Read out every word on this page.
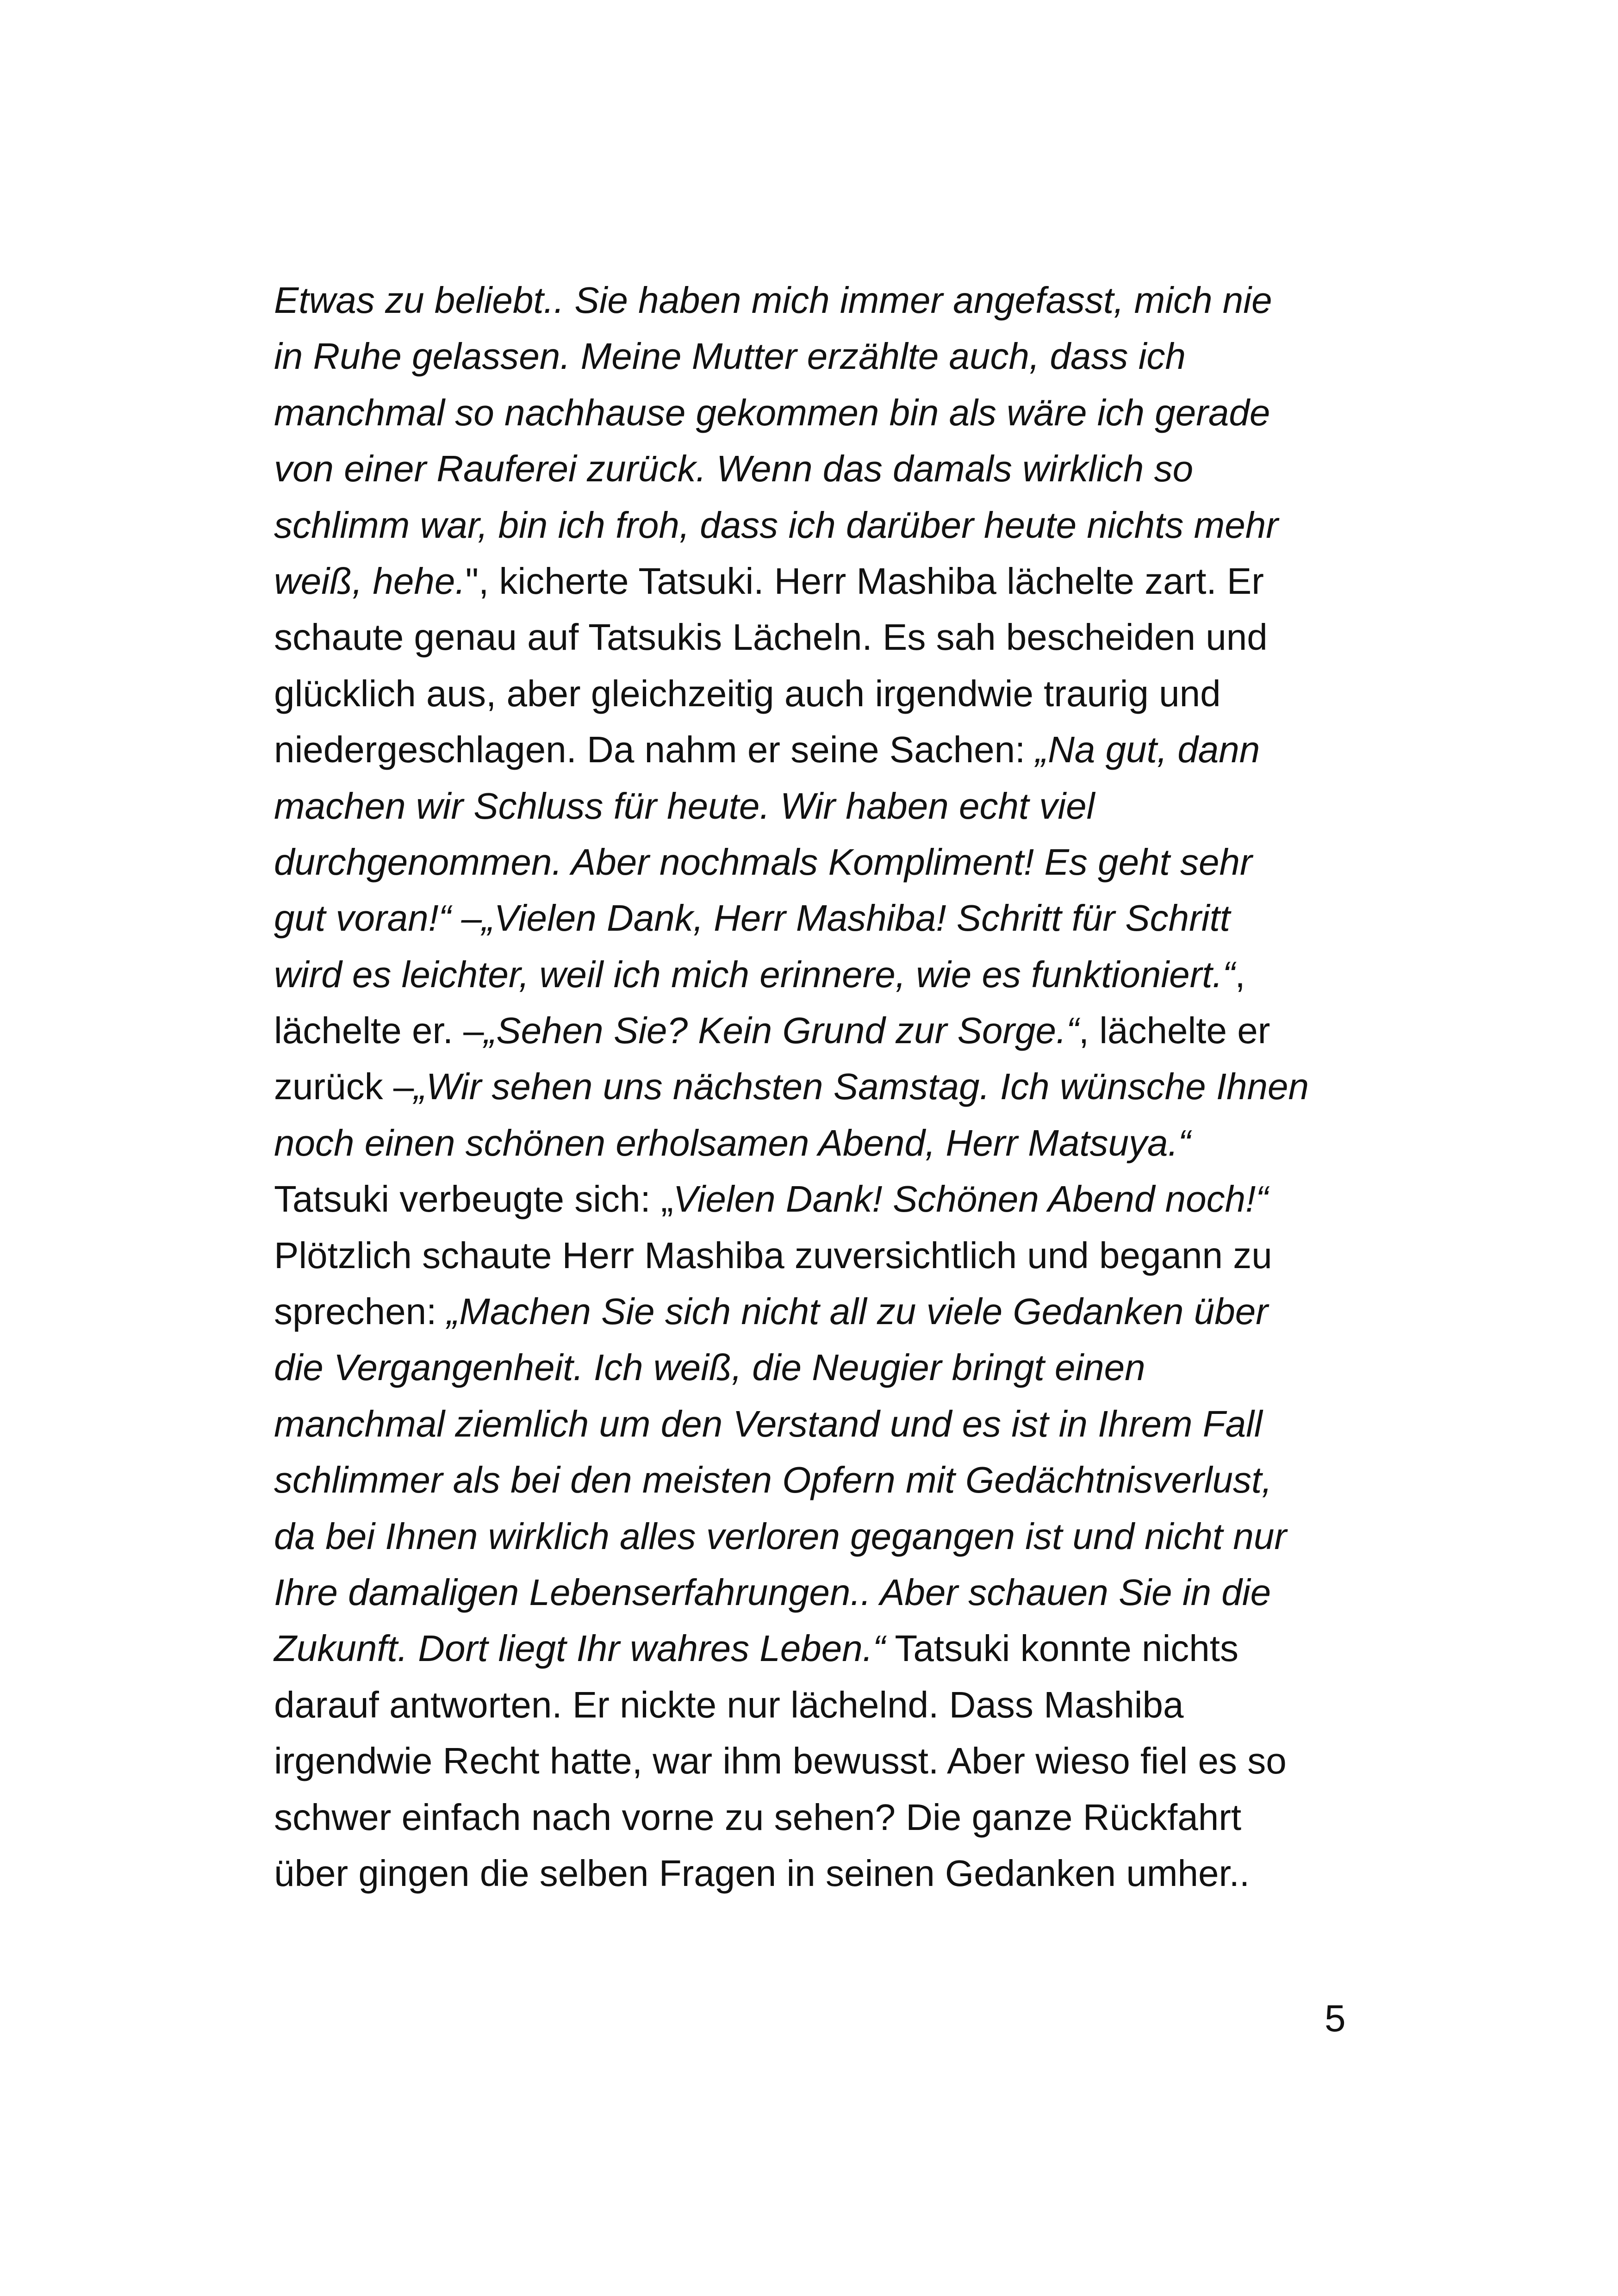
Etwas zu beliebt.. Sie haben mich immer angefasst, mich nie
in Ruhe gelassen. Meine Mutter erzählte auch, dass ich
manchmal so nachhause gekommen bin als wäre ich gerade
von einer Rauferei zurück. Wenn das damals wirklich so
schlimm war, bin ich froh, dass ich darüber heute nichts mehr
weiß, hehe.", kicherte Tatsuki. Herr Mashiba lächelte zart. Er
schaute genau auf Tatsukis Lächeln. Es sah bescheiden und
glücklich aus, aber gleichzeitig auch irgendwie traurig und
niedergeschlagen. Da nahm er seine Sachen: „Na gut, dann
machen wir Schluss für heute. Wir haben echt viel
durchgenommen. Aber nochmals Kompliment! Es geht sehr
gut voran!“ –„Vielen Dank, Herr Mashiba! Schritt für Schritt
wird es leichter, weil ich mich erinnere, wie es funktioniert.“,
lächelte er. –„Sehen Sie? Kein Grund zur Sorge.“, lächelte er
zurück –„Wir sehen uns nächsten Samstag. Ich wünsche Ihnen
noch einen schönen erholsamen Abend, Herr Matsuya.“
Tatsuki verbeugte sich: „Vielen Dank! Schönen Abend noch!“
Plötzlich schaute Herr Mashiba zuversichtlich und begann zu
sprechen: „Machen Sie sich nicht all zu viele Gedanken über
die Vergangenheit. Ich weiß, die Neugier bringt einen
manchmal ziemlich um den Verstand und es ist in Ihrem Fall
schlimmer als bei den meisten Opfern mit Gedächtnisverlust,
da bei Ihnen wirklich alles verloren gegangen ist und nicht nur
Ihre damaligen Lebenserfahrungen.. Aber schauen Sie in die
Zukunft. Dort liegt Ihr wahres Leben.“ Tatsuki konnte nichts
darauf antworten. Er nickte nur lächelnd. Dass Mashiba
irgendwie Recht hatte, war ihm bewusst. Aber wieso fiel es so
schwer einfach nach vorne zu sehen? Die ganze Rückfahrt
über gingen die selben Fragen in seinen Gedanken umher..
5
